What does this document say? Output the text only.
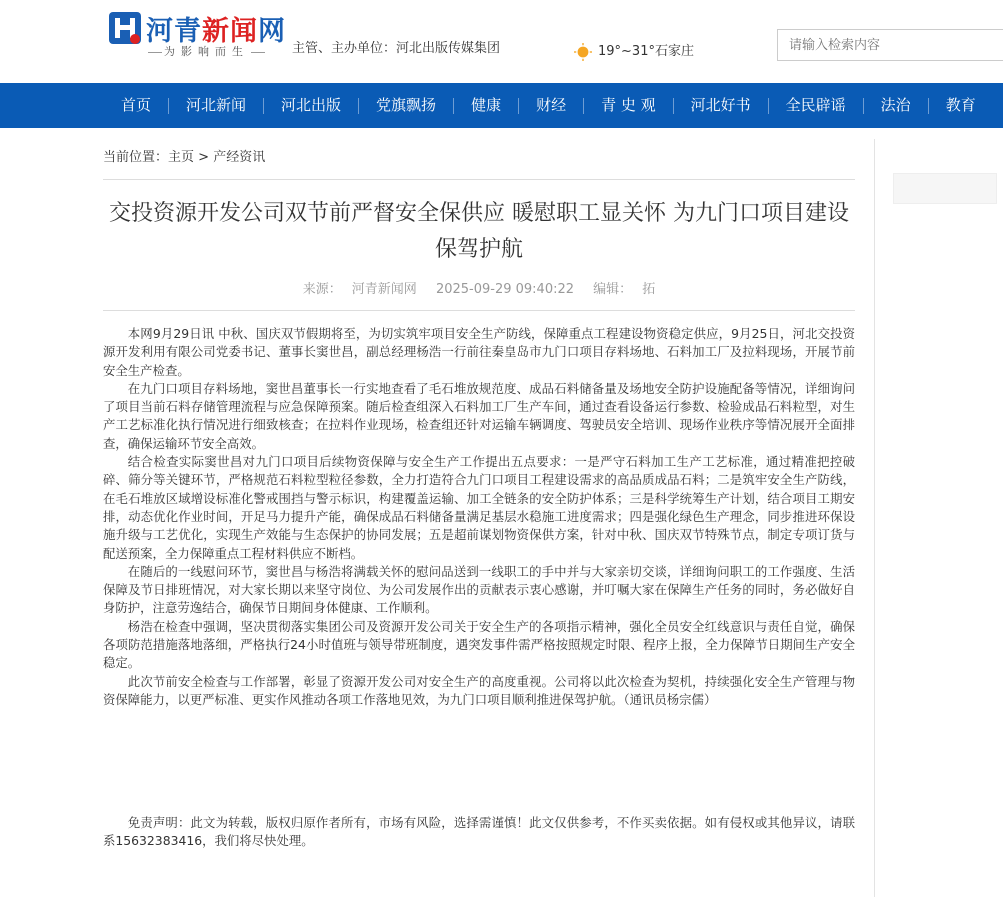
河青新闻网
为影响而生	主管、主办单位：河北出版传媒集团	19°~31°石家庄
请输入检索内容
首页	河北新闻	河北出版	党旗飘扬	健康	财经	青 史 观	河北好书	全民辟谣	法治	教育
当前位置：主页 > 产经资讯
交投资源开发公司双节前严督安全保供应 暖慰职工显关怀 为九门口项目建设保驾护航
来源： 河青新闻网 2025-09-29 09:40:22 编辑： 拓

本网9月29日讯 中秋、国庆双节假期将至，为切实筑牢项目安全生产防线，保障重点工程建设物资稳定供应，9月25日，河北交投资源开发利用有限公司党委书记、董事长窦世昌，副总经理杨浩一行前往秦皇岛市九门口项目存料场地、石料加工厂及拉料现场，开展节前安全生产检查。

在九门口项目存料场地，窦世昌董事长一行实地查看了毛石堆放规范度、成品石料储备量及场地安全防护设施配备等情况，详细询问了项目当前石料存储管理流程与应急保障预案。随后检查组深入石料加工厂生产车间，通过查看设备运行参数、检验成品石料粒型，对生产工艺标准化执行情况进行细致核查；在拉料作业现场，检查组还针对运输车辆调度、驾驶员安全培训、现场作业秩序等情况展开全面排查，确保运输环节安全高效。

结合检查实际窦世昌对九门口项目后续物资保障与安全生产工作提出五点要求：一是严守石料加工生产工艺标准，通过精准把控破碎、筛分等关键环节，严格规范石料粒型粒径参数，全力打造符合九门口项目工程建设需求的高品质成品石料；二是筑牢安全生产防线，在毛石堆放区域增设标准化警戒围挡与警示标识，构建覆盖运输、加工全链条的安全防护体系；三是科学统筹生产计划，结合项目工期安排，动态优化作业时间，开足马力提升产能，确保成品石料储备量满足基层水稳施工进度需求；四是强化绿色生产理念，同步推进环保设施升级与工艺优化，实现生产效能与生态保护的协同发展；五是超前谋划物资保供方案，针对中秋、国庆双节特殊节点，制定专项订货与配送预案，全力保障重点工程材料供应不断档。

在随后的一线慰问环节，窦世昌与杨浩将满载关怀的慰问品送到一线职工的手中并与大家亲切交谈，详细询问职工的工作强度、生活保障及节日排班情况，对大家长期以来坚守岗位、为公司发展作出的贡献表示衷心感谢，并叮嘱大家在保障生产任务的同时，务必做好自身防护，注意劳逸结合，确保节日期间身体健康、工作顺利。

杨浩在检查中强调，坚决贯彻落实集团公司及资源开发公司关于安全生产的各项指示精神，强化全员安全红线意识与责任自觉，确保各项防范措施落地落细，严格执行24小时值班与领导带班制度，遇突发事件需严格按照规定时限、程序上报，全力保障节日期间生产安全稳定。

此次节前安全检查与工作部署，彰显了资源开发公司对安全生产的高度重视。公司将以此次检查为契机，持续强化安全生产管理与物资保障能力，以更严标准、更实作风推动各项工作落地见效，为九门口项目顺利推进保驾护航。（通讯员杨宗儒）

免责声明：此文为转载，版权归原作者所有，市场有风险，选择需谨慎！此文仅供参考，不作买卖依据。如有侵权或其他异议，请联系15632383416，我们将尽快处理。
